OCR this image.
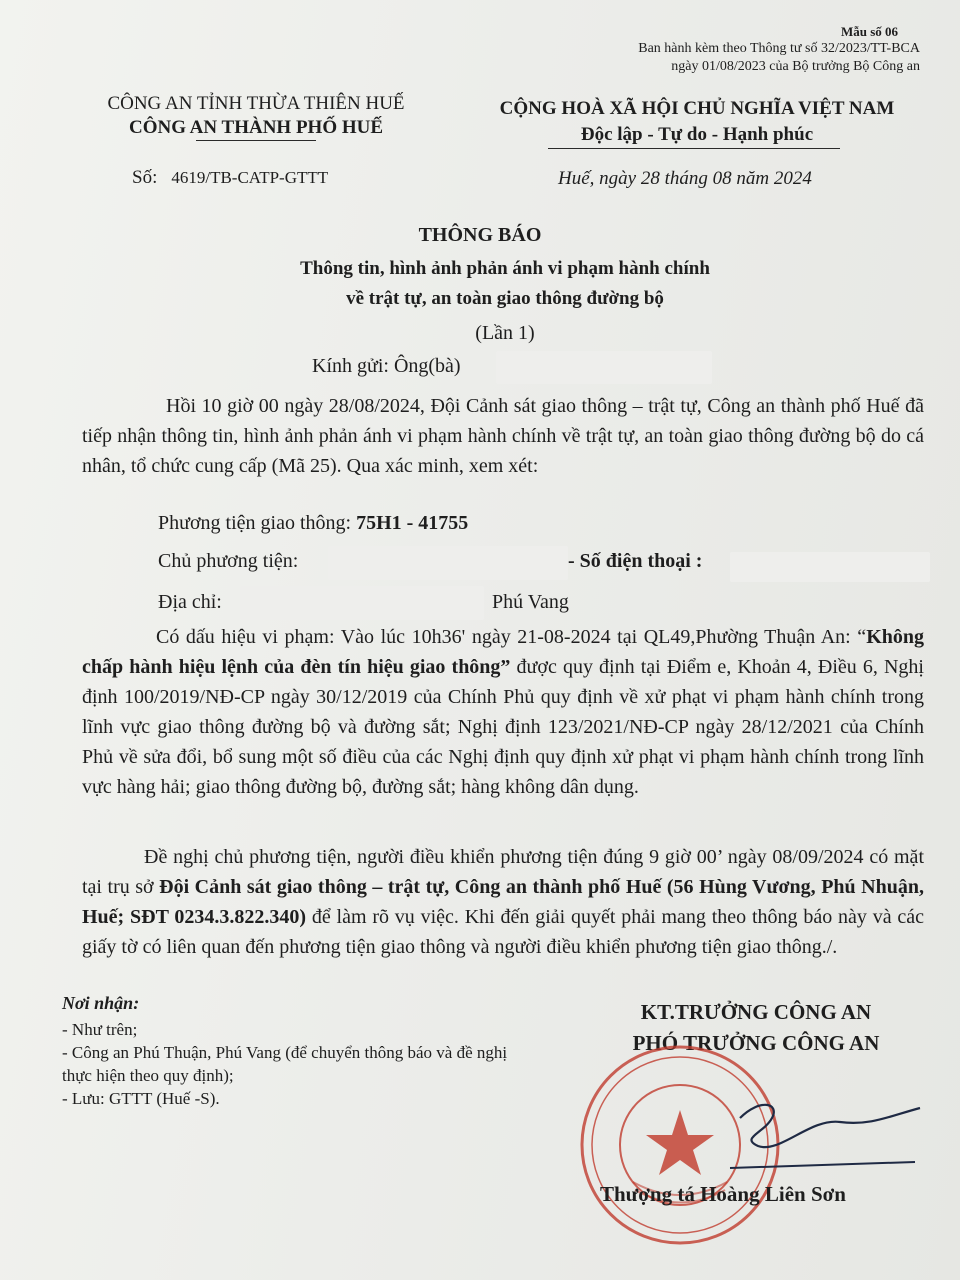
Mẫu số 06
Ban hành kèm theo Thông tư số 32/2023/TT-BCA
ngày 01/08/2023 của Bộ trưởng Bộ Công an
CÔNG AN TỈNH THỪA THIÊN HUẾ
CÔNG AN THÀNH PHỐ HUẾ
CỘNG HOÀ XÃ HỘI CHỦ NGHĨA VIỆT NAM
Độc lập - Tự do - Hạnh phúc
Số: 4619/TB-CATP-GTTT	Huế, ngày 28 tháng 08 năm 2024
THÔNG BÁO
Thông tin, hình ảnh phản ánh vi phạm hành chính
về trật tự, an toàn giao thông đường bộ
(Lần 1)
Kính gửi: Ông(bà)
Hồi 10 giờ 00 ngày 28/08/2024, Đội Cảnh sát giao thông – trật tự, Công an thành phố Huế đã tiếp nhận thông tin, hình ảnh phản ánh vi phạm hành chính về trật tự, an toàn giao thông đường bộ do cá nhân, tổ chức cung cấp (Mã 25). Qua xác minh, xem xét:
Phương tiện giao thông: 75H1 - 41755
Chủ phương tiện:	- Số điện thoại :
Địa chỉ:	Phú Vang
Có dấu hiệu vi phạm: Vào lúc 10h36' ngày 21-08-2024 tại QL49,Phường Thuận An: “Không chấp hành hiệu lệnh của đèn tín hiệu giao thông” được quy định tại Điểm e, Khoản 4, Điều 6, Nghị định 100/2019/NĐ-CP ngày 30/12/2019 của Chính Phủ quy định về xử phạt vi phạm hành chính trong lĩnh vực giao thông đường bộ và đường sắt; Nghị định 123/2021/NĐ-CP ngày 28/12/2021 của Chính Phủ về sửa đổi, bổ sung một số điều của các Nghị định quy định xử phạt vi phạm hành chính trong lĩnh vực hàng hải; giao thông đường bộ, đường sắt; hàng không dân dụng.
Đề nghị chủ phương tiện, người điều khiển phương tiện đúng 9 giờ 00’ ngày 08/09/2024 có mặt tại trụ sở Đội Cảnh sát giao thông – trật tự, Công an thành phố Huế (56 Hùng Vương, Phú Nhuận, Huế; SĐT 0234.3.822.340) để làm rõ vụ việc. Khi đến giải quyết phải mang theo thông báo này và các giấy tờ có liên quan đến phương tiện giao thông và người điều khiển phương tiện giao thông./.
Nơi nhận:
- Như trên;
- Công an Phú Thuận, Phú Vang (để chuyển thông báo và đề nghị thực hiện theo quy định);
- Lưu: GTTT (Huế -S).
KT.TRƯỞNG CÔNG AN
PHÓ TRƯỞNG CÔNG AN
Thượng tá Hoàng Liên Sơn
